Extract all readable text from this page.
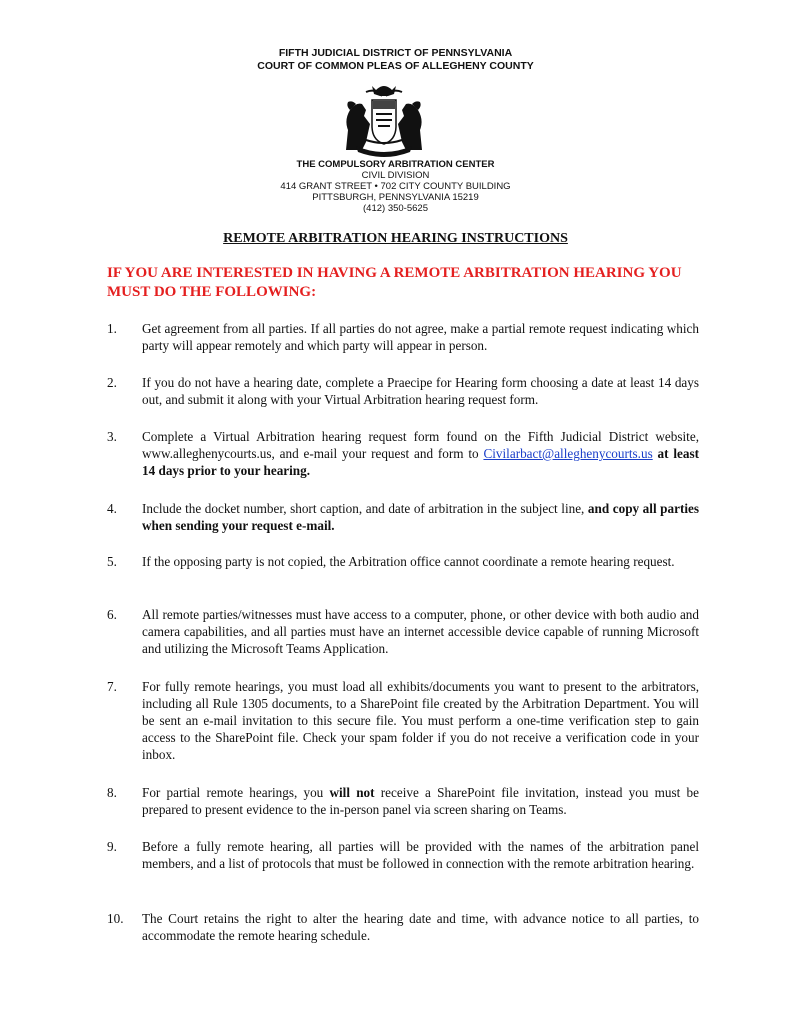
FIFTH JUDICIAL DISTRICT OF PENNSYLVANIA
COURT OF COMMON PLEAS OF ALLEGHENY COUNTY
THE COMPULSORY ARBITRATION CENTER
CIVIL DIVISION
414 GRANT STREET • 702 CITY COUNTY BUILDING
PITTSBURGH, PENNSYLVANIA 15219
(412) 350-5625
REMOTE ARBITRATION HEARING INSTRUCTIONS
IF YOU ARE INTERESTED IN HAVING A REMOTE ARBITRATION HEARING YOU MUST DO THE FOLLOWING:
1.	Get agreement from all parties. If all parties do not agree, make a partial remote request indicating which party will appear remotely and which party will appear in person.
2.	If you do not have a hearing date, complete a Praecipe for Hearing form choosing a date at least 14 days out, and submit it along with your Virtual Arbitration hearing request form.
3.	Complete a Virtual Arbitration hearing request form found on the Fifth Judicial District website, www.alleghenycourts.us, and e-mail your request and form to Civilarbact@alleghenycourts.us at least 14 days prior to your hearing.
4.	Include the docket number, short caption, and date of arbitration in the subject line, and copy all parties when sending your request e-mail.
5.	If the opposing party is not copied, the Arbitration office cannot coordinate a remote hearing request.
6.	All remote parties/witnesses must have access to a computer, phone, or other device with both audio and camera capabilities, and all parties must have an internet accessible device capable of running Microsoft and utilizing the Microsoft Teams Application.
7.	For fully remote hearings, you must load all exhibits/documents you want to present to the arbitrators, including all Rule 1305 documents, to a SharePoint file created by the Arbitration Department. You will be sent an e-mail invitation to this secure file. You must perform a one-time verification step to gain access to the SharePoint file. Check your spam folder if you do not receive a verification code in your inbox.
8.	For partial remote hearings, you will not receive a SharePoint file invitation, instead you must be prepared to present evidence to the in-person panel via screen sharing on Teams.
9.	Before a fully remote hearing, all parties will be provided with the names of the arbitration panel members, and a list of protocols that must be followed in connection with the remote arbitration hearing.
10.	The Court retains the right to alter the hearing date and time, with advance notice to all parties, to accommodate the remote hearing schedule.
